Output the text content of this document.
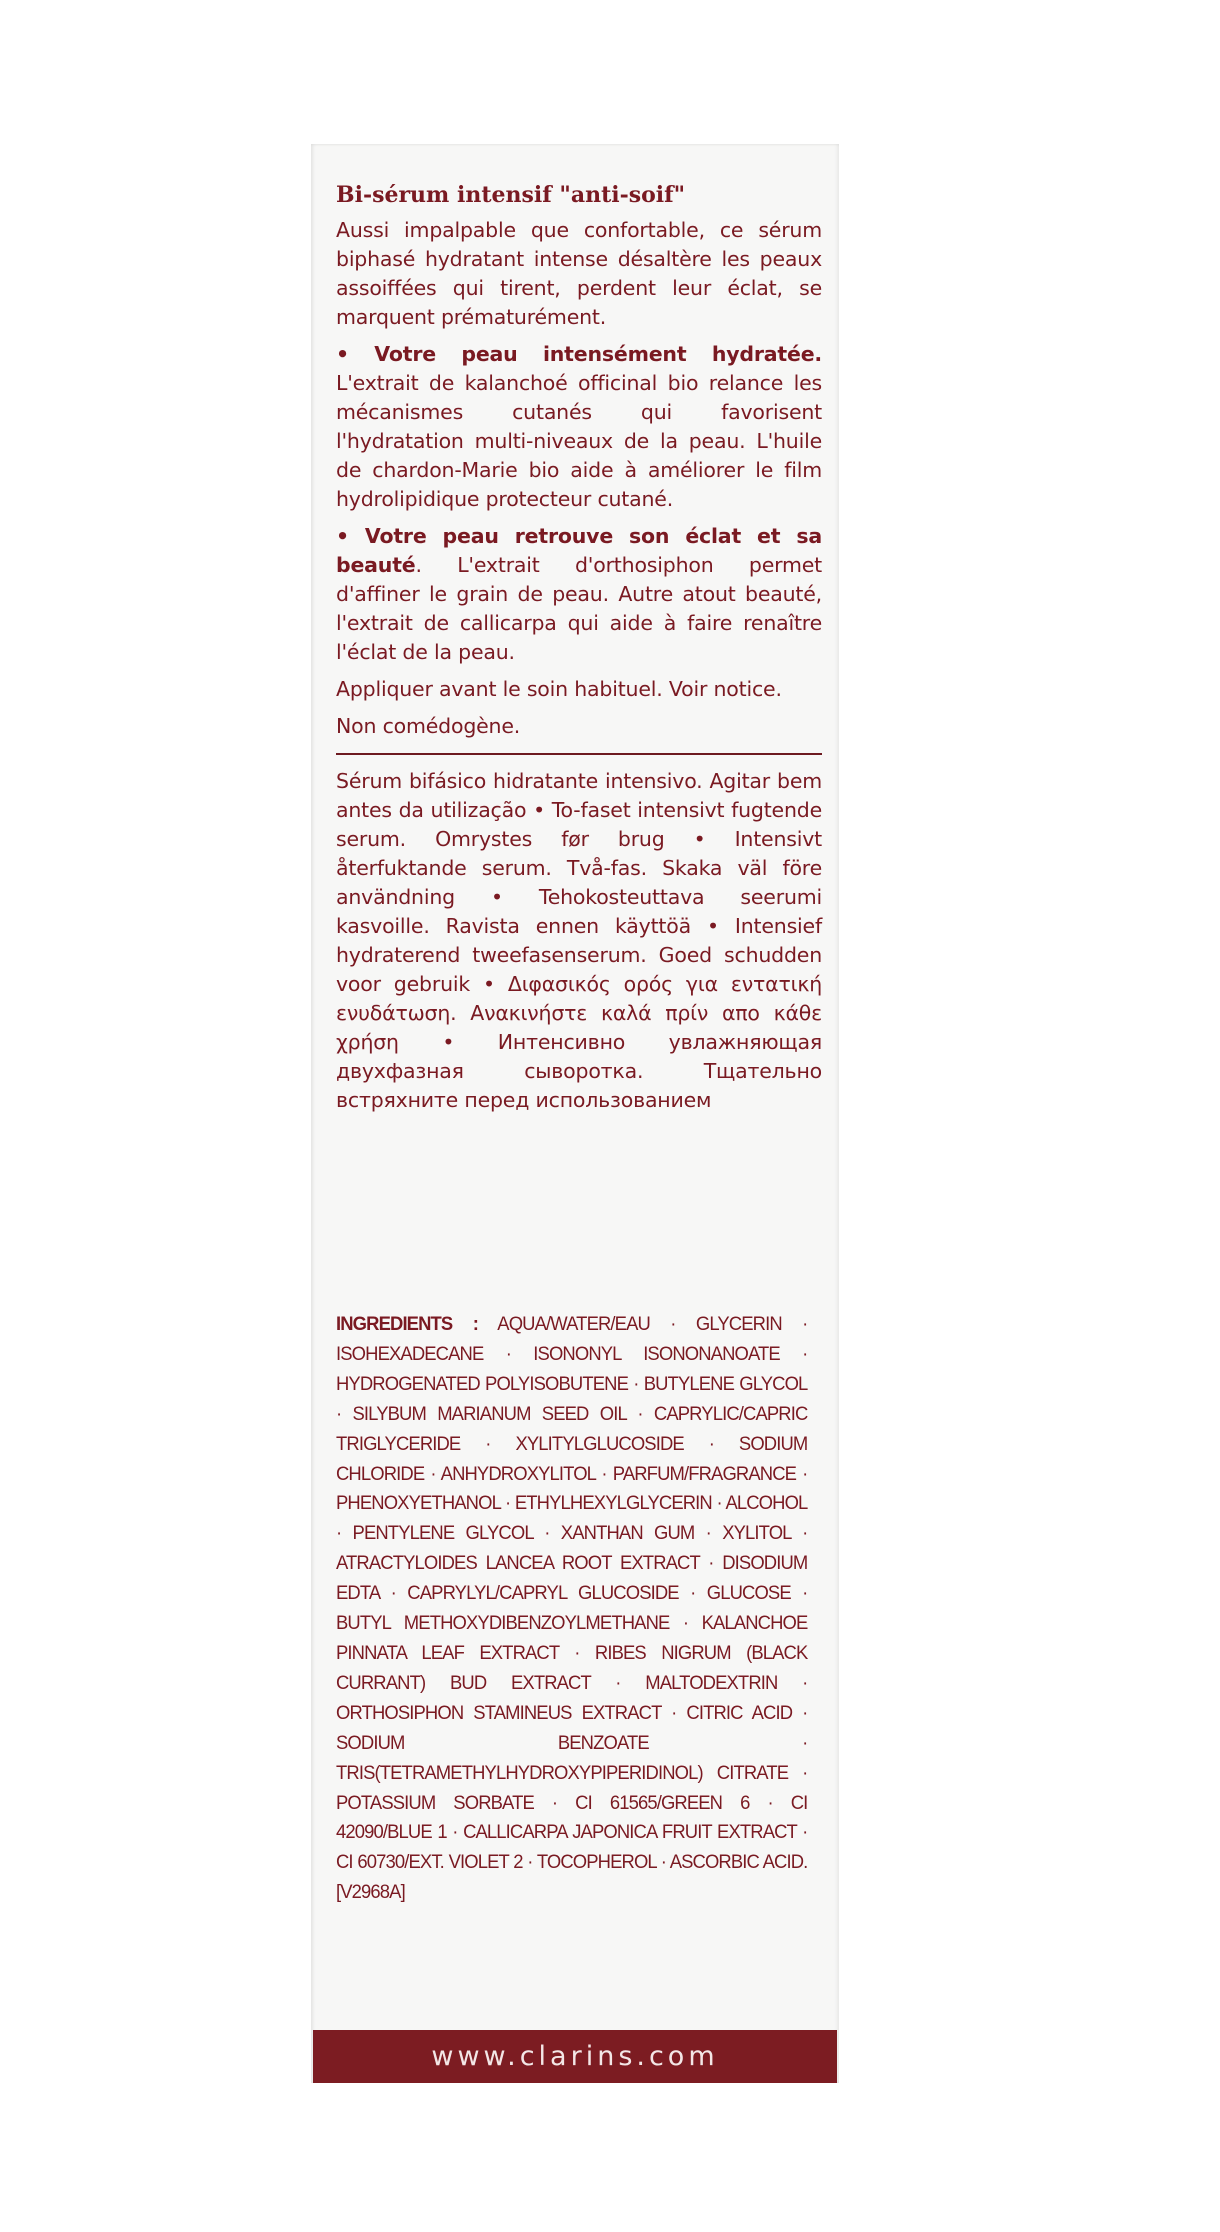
Bi-sérum intensif "anti-soif"

Aussi impalpable que confortable, ce sérum biphasé hydratant intense désaltère les peaux assoiffées qui tirent, perdent leur éclat, se marquent prématurément.

• Votre peau intensément hydratée. L'extrait de kalanchoé officinal bio relance les mécanismes cutanés qui favorisent l'hydratation multi-niveaux de la peau. L'huile de chardon-Marie bio aide à améliorer le film hydrolipidique protecteur cutané.

• Votre peau retrouve son éclat et sa beauté. L'extrait d'orthosiphon permet d'affiner le grain de peau. Autre atout beauté, l'extrait de callicarpa qui aide à faire renaître l'éclat de la peau.

Appliquer avant le soin habituel. Voir notice.

Non comédogène.

Sérum bifásico hidratante intensivo. Agitar bem antes da utilização • To-faset intensivt fugtende serum. Omrystes før brug • Intensivt återfuktande serum. Två-fas. Skaka väl före användning • Tehokosteuttava seerumi kasvoille. Ravista ennen käyttöä • Intensief hydraterend tweefasenserum. Goed schudden voor gebruik • Διφασικός ορός για εντατική ενυδάτωση. Ανακινήστε καλά πρίν απο κάθε χρήση • Интенсивно увлажняющая двухфазная сыворотка. Тщательно встряхните перед использованием

INGREDIENTS : AQUA/WATER/EAU · GLYCERIN · ISOHEXADECANE · ISONONYL ISONONANOATE · HYDROGENATED POLYISOBUTENE · BUTYLENE GLYCOL · SILYBUM MARIANUM SEED OIL · CAPRYLIC/CAPRIC TRIGLYCERIDE · XYLITYLGLUCOSIDE · SODIUM CHLORIDE · ANHYDROXYLITOL · PARFUM/FRAGRANCE · PHENOXYETHANOL · ETHYLHEXYLGLYCERIN · ALCOHOL · PENTYLENE GLYCOL · XANTHAN GUM · XYLITOL · ATRACTYLOIDES LANCEA ROOT EXTRACT · DISODIUM EDTA · CAPRYLYL/CAPRYL GLUCOSIDE · GLUCOSE · BUTYL METHOXYDIBENZOYLMETHANE · KALANCHOE PINNATA LEAF EXTRACT · RIBES NIGRUM (BLACK CURRANT) BUD EXTRACT · MALTODEXTRIN · ORTHOSIPHON STAMINEUS EXTRACT · CITRIC ACID · SODIUM BENZOATE · TRIS(TETRAMETHYLHYDROXYPIPERIDINOL) CITRATE · POTASSIUM SORBATE · CI 61565/GREEN 6 · CI 42090/BLUE 1 · CALLICARPA JAPONICA FRUIT EXTRACT · CI 60730/EXT. VIOLET 2 · TOCOPHEROL · ASCORBIC ACID. [V2968A]
www.clarins.com
